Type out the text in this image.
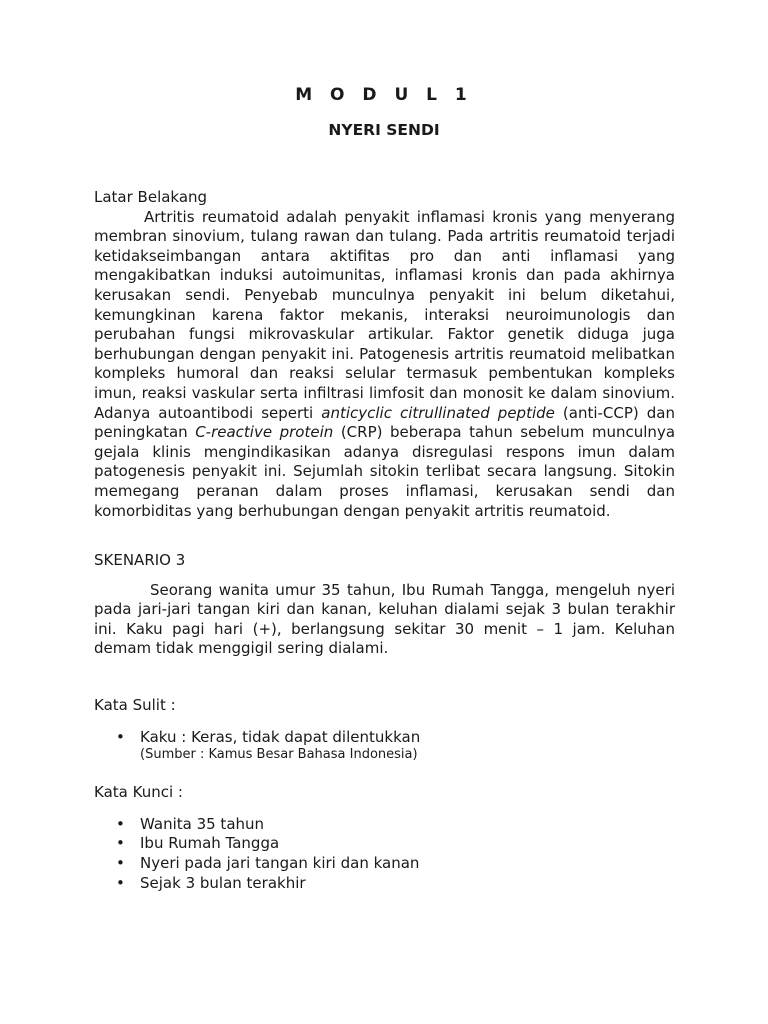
M O D U L 1
NYERI SENDI

Latar Belakang

Artritis reumatoid adalah penyakit inflamasi kronis yang menyerang membran sinovium, tulang rawan dan tulang. Pada artritis reumatoid terjadi ketidakseimbangan antara aktifitas pro dan anti inflamasi yang mengakibatkan induksi autoimunitas, inflamasi kronis dan pada akhirnya kerusakan sendi. Penyebab munculnya penyakit ini belum diketahui, kemungkinan karena faktor mekanis, interaksi neuroimunologis dan perubahan fungsi mikrovaskular artikular. Faktor genetik diduga juga berhubungan dengan penyakit ini. Patogenesis artritis reumatoid melibatkan kompleks humoral dan reaksi selular termasuk pembentukan kompleks imun, reaksi vaskular serta infiltrasi limfosit dan monosit ke dalam sinovium. Adanya autoantibodi seperti anticyclic citrullinated peptide (anti-CCP) dan peningkatan C-reactive protein (CRP) beberapa tahun sebelum munculnya gejala klinis mengindikasikan adanya disregulasi respons imun dalam patogenesis penyakit ini. Sejumlah sitokin terlibat secara langsung. Sitokin memegang peranan dalam proses inflamasi, kerusakan sendi dan komorbiditas yang berhubungan dengan penyakit artritis reumatoid.

SKENARIO 3

Seorang wanita umur 35 tahun, Ibu Rumah Tangga, mengeluh nyeri pada jari-jari tangan kiri dan kanan, keluhan dialami sejak 3 bulan terakhir ini. Kaku pagi hari (+), berlangsung sekitar 30 menit – 1 jam. Keluhan demam tidak menggigil sering dialami.

Kata Sulit :

• Kaku : Keras, tidak dapat dilentukkan
(Sumber : Kamus Besar Bahasa Indonesia)

Kata Kunci :

• Wanita 35 tahun
• Ibu Rumah Tangga
• Nyeri pada jari tangan kiri dan kanan
• Sejak 3 bulan terakhir
